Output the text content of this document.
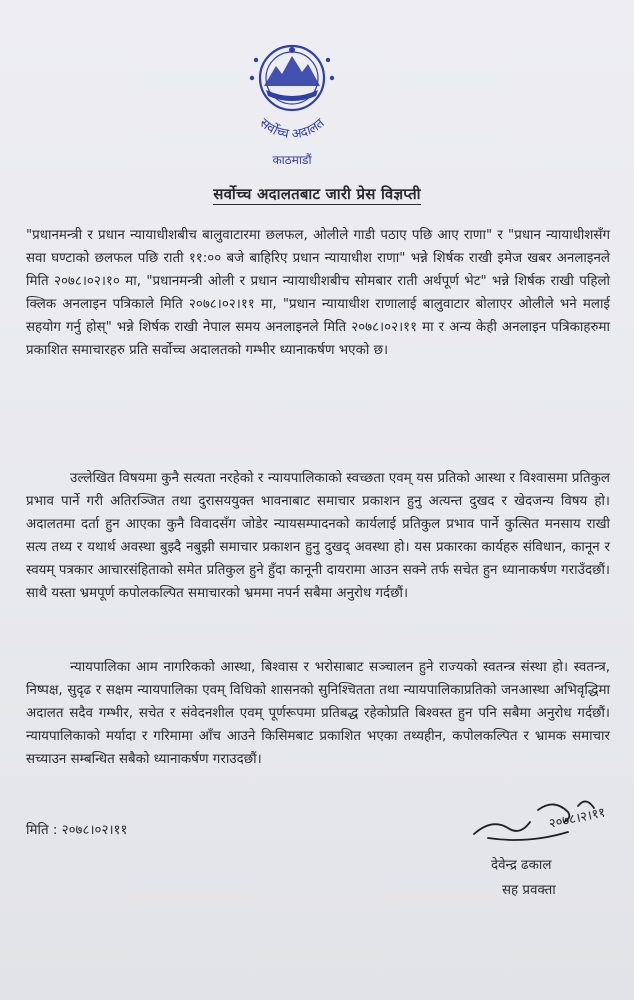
सर्वोच्च अदालत
काठमाडौं
सर्वोच्च अदालतबाट जारी प्रेस विज्ञप्ती

"प्रधानमन्त्री र प्रधान न्यायाधीशबीच बालुवाटारमा छलफल, ओलीले गाडी पठाए पछि आए राणा" र "प्रधान न्यायाधीशसँग सवा घण्टाको छलफल पछि राती ११:०० बजे बाहिरिए प्रधान न्यायाधीश राणा" भन्ने शिर्षक राखी इमेज खबर अनलाइनले मिति २०७८।०२।१० मा, "प्रधानमन्त्री ओली र प्रधान न्यायाधीशबीच सोमबार राती अर्थपूर्ण भेट" भन्ने शिर्षक राखी पहिलो क्लिक अनलाइन पत्रिकाले मिति २०७८।०२।११ मा, "प्रधान न्यायाधीश राणालाई बालुवाटार बोलाएर ओलीले भने मलाई सहयोग गर्नु होस्" भन्ने शिर्षक राखी नेपाल समय अनलाइनले मिति २०७८।०२।११ मा र अन्य केही अनलाइन पत्रिकाहरुमा प्रकाशित समाचारहरु प्रति सर्वोच्च अदालतको गम्भीर ध्यानाकर्षण भएको छ।

उल्लेखित विषयमा कुनै सत्यता नरहेको र न्यायपालिकाको स्वच्छता एवम् यस प्रतिको आस्था र विश्वासमा प्रतिकुल प्रभाव पार्ने गरी अतिरञ्जित तथा दुरासययुक्त भावनाबाट समाचार प्रकाशन हुनु अत्यन्त दुखद र खेदजन्य विषय हो। अदालतमा दर्ता हुन आएका कुनै विवादसँग जोडेर न्यायसम्पादनको कार्यलाई प्रतिकुल प्रभाव पार्ने कुत्सित मनसाय राखी सत्य तथ्य र यथार्थ अवस्था बुझ्दै नबुझी समाचार प्रकाशन हुनु दुखद् अवस्था हो। यस प्रकारका कार्यहरु संविधान, कानून र स्वयम् पत्रकार आचारसंहिताको समेत प्रतिकुल हुने हुँदा कानूनी दायरामा आउन सक्ने तर्फ सचेत हुन ध्यानाकर्षण गराउँदछौं। साथै यस्ता भ्रमपूर्ण कपोलकल्पित समाचारको भ्रममा नपर्न सबैमा अनुरोध गर्दछौं।

न्यायपालिका आम नागरिकको आस्था, बिश्वास र भरोसाबाट सञ्चालन हुने राज्यको स्वतन्त्र संस्था हो। स्वतन्त्र, निष्पक्ष, सुदृढ र सक्षम न्यायपालिका एवम् विधिको शासनको सुनिश्चितता तथा न्यायपालिकाप्रतिको जनआस्था अभिवृद्धिमा अदालत सदैव गम्भीर, सचेत र संवेदनशील एवम् पूर्णरूपमा प्रतिबद्ध रहेकोप्रति बिश्वस्त हुन पनि सबैमा अनुरोध गर्दछौं। न्यायपालिकाको मर्यादा र गरिमामा आँच आउने किसिमबाट प्रकाशित भएका तथ्यहीन, कपोलकल्पित र भ्रामक समाचार सच्याउन सम्बन्धित सबैको ध्यानाकर्षण गराउदछौं।

मिति : २०७८।०२।११	२०७८।२।११
देवेन्द्र ढकाल
सह प्रवक्ता
